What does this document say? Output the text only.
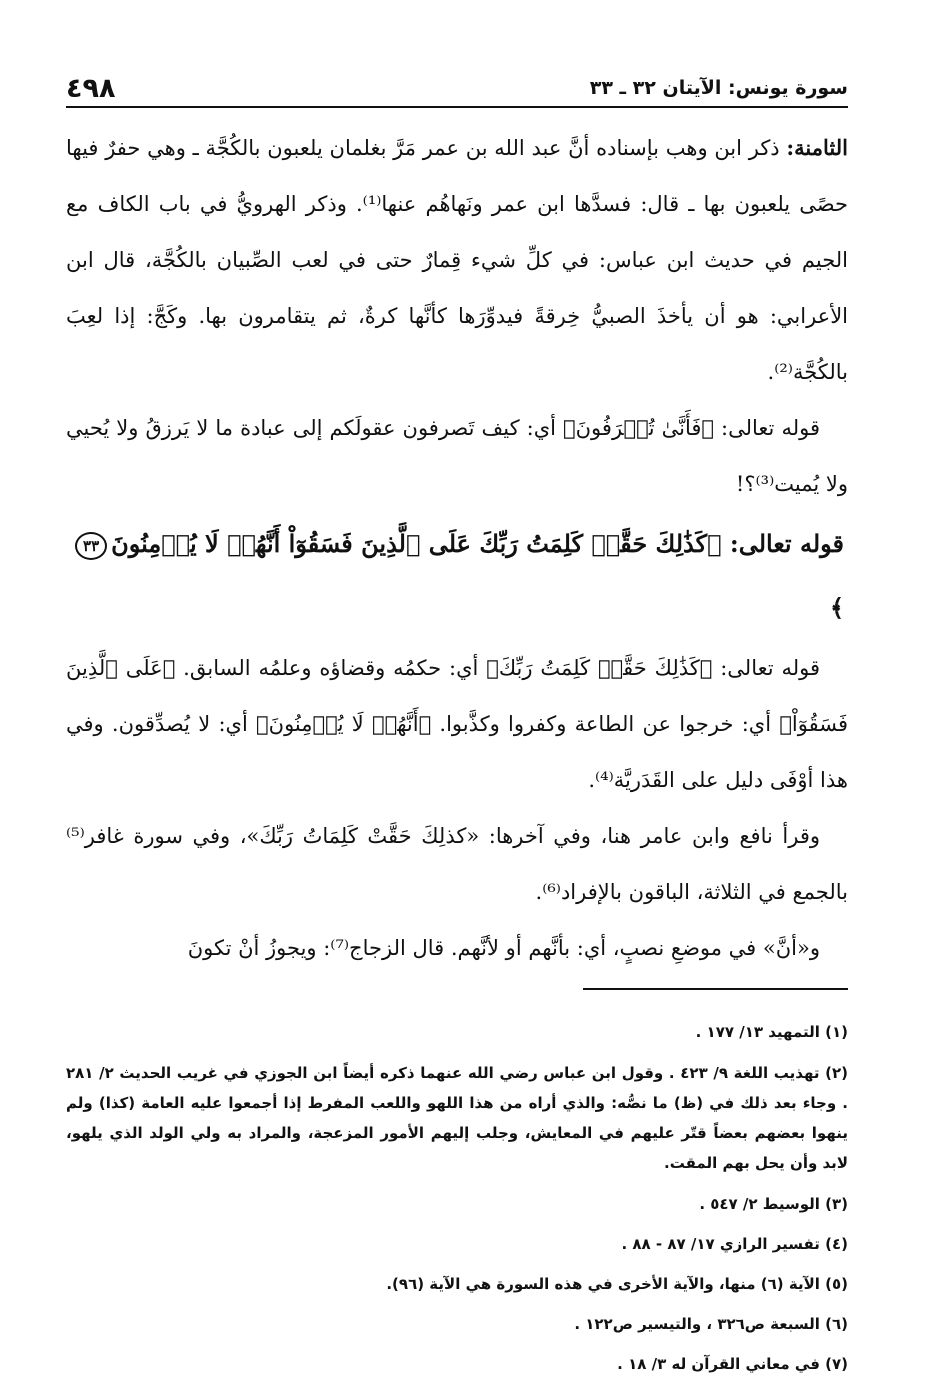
سورة يونس: الآيتان ٣٢ ـ ٣٣
٤٩٨

الثامنة: ذكر ابن وهب بإسناده أنَّ عبد الله بن عمر مَرَّ بغلمان يلعبون بالكُجَّة ـ وهي حفرٌ فيها حصًى يلعبون بها ـ قال: فسدَّها ابن عمر ونَهاهُم عنها⁽¹⁾. وذكر الهرويُّ في باب الكاف مع الجيم في حديث ابن عباس: في كلِّ شيء قِمارٌ حتى في لعب الصِّبيان بالكُجَّة، قال ابن الأعرابي: هو أن يأخذَ الصبيُّ خِرقةً فيدوِّرَها كأنَّها كرةٌ، ثم يتقامرون بها. وكَجَّ: إذا لعِبَ بالكُجَّة⁽²⁾.

قوله تعالى: ﴿فَأَنَّىٰ تُصۡرَفُونَ﴾ أي: كيف تَصرفون عقولَكم إلى عبادة ما لا يَرزقُ ولا يُحيي ولا يُميت⁽³⁾؟!

قوله تعالى: ﴿كَذَٰلِكَ حَقَّتۡ كَلِمَتُ رَبِّكَ عَلَى ٱلَّذِينَ فَسَقُوٓاْ أَنَّهُمۡ لَا يُؤۡمِنُونَ٣٣﴾

قوله تعالى: ﴿كَذَٰلِكَ حَقَّتۡ كَلِمَتُ رَبِّكَ﴾ أي: حكمُه وقضاؤه وعلمُه السابق. ﴿عَلَى ٱلَّذِينَ فَسَقُوٓاْ﴾ أي: خرجوا عن الطاعة وكفروا وكذَّبوا. ﴿أَنَّهُمۡ لَا يُؤۡمِنُونَ﴾ أي: لا يُصدِّقون. وفي هذا أوْفَى دليل على القَدَريَّة⁽⁴⁾.

وقرأ نافع وابن عامر هنا، وفي آخرها: «كذلِكَ حَقَّتْ كَلِمَاتُ رَبِّكَ»، وفي سورة غافر⁽⁵⁾ بالجمع في الثلاثة، الباقون بالإفراد⁽⁶⁾.

و«أنَّ» في موضعِ نصبٍ، أي: بأنَّهم أو لأنَّهم. قال الزجاج⁽⁷⁾: ويجوزُ أنْ تكونَ

(١) التمهيد ١٣/ ١٧٧ .

(٢) تهذيب اللغة ٩/ ٤٢٣ . وقول ابن عباس رضي الله عنهما ذكره أيضاً ابن الجوزي في غريب الحديث ٢/ ٢٨١ . وجاء بعد ذلك في (ظ) ما نصُّه: والذي أراه من هذا اللهو واللعب المفرط إذا أجمعوا عليه العامة (كذا) ولم ينهوا بعضهم بعضاً قتّر عليهم في المعايش، وجلب إليهم الأمور المزعجة، والمراد به ولي الولد الذي يلهو، لابد وأن يحل بهم المقت.

(٣) الوسيط ٢/ ٥٤٧ .

(٤) تفسير الرازي ١٧/ ٨٧ - ٨٨ .

(٥) الآية (٦) منها، والآية الأخرى في هذه السورة هي الآية (٩٦).

(٦) السبعة ص٣٢٦ ، والتيسير ص١٢٢ .

(٧) في معاني القرآن له ٣/ ١٨ .
